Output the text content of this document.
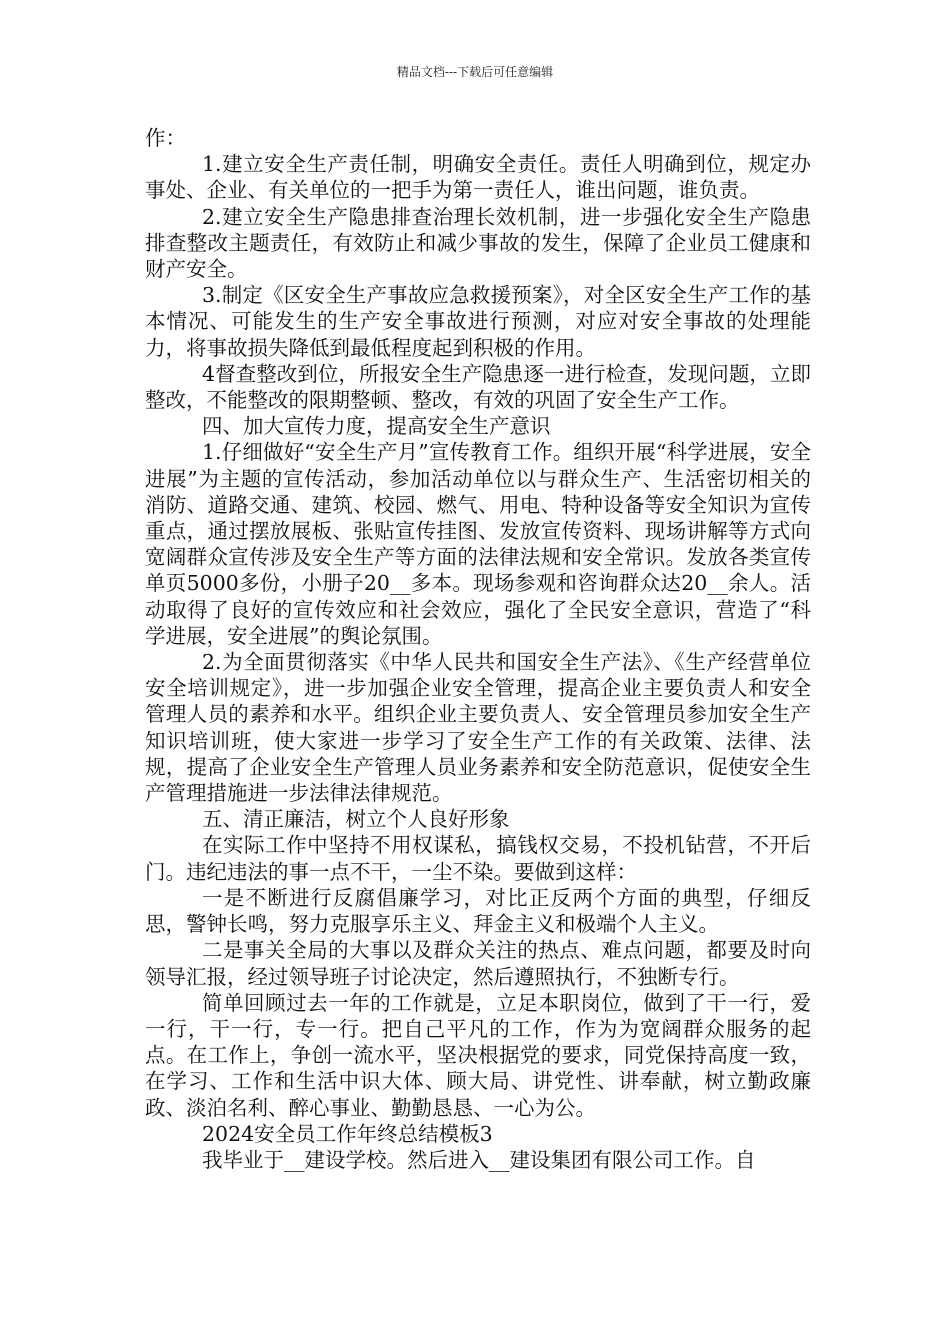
精品文档---下载后可任意编辑

作：

1.建立安全生产责任制，明确安全责任。责任人明确到位，规定办事处、企业、有关单位的一把手为第一责任人，谁出问题，谁负责。

2.建立安全生产隐患排查治理长效机制，进一步强化安全生产隐患排查整改主题责任，有效防止和减少事故的发生，保障了企业员工健康和财产安全。

3.制定《区安全生产事故应急救援预案》，对全区安全生产工作的基本情况、可能发生的生产安全事故进行预测，对应对安全事故的处理能力，将事故损失降低到最低程度起到积极的作用。

4督查整改到位，所报安全生产隐患逐一进行检查，发现问题，立即整改，不能整改的限期整顿、整改，有效的巩固了安全生产工作。

四、加大宣传力度，提高安全生产意识

1.仔细做好“安全生产月”宣传教育工作。组织开展“科学进展，安全进展”为主题的宣传活动，参加活动单位以与群众生产、生活密切相关的消防、道路交通、建筑、校园、燃气、用电、特种设备等安全知识为宣传重点，通过摆放展板、张贴宣传挂图、发放宣传资料、现场讲解等方式向宽阔群众宣传涉及安全生产等方面的法律法规和安全常识。发放各类宣传单页5000多份，小册子20__多本。现场参观和咨询群众达20__余人。活动取得了良好的宣传效应和社会效应，强化了全民安全意识，营造了“科学进展，安全进展”的舆论氛围。

2.为全面贯彻落实《中华人民共和国安全生产法》、《生产经营单位安全培训规定》，进一步加强企业安全管理，提高企业主要负责人和安全管理人员的素养和水平。组织企业主要负责人、安全管理员参加安全生产知识培训班，使大家进一步学习了安全生产工作的有关政策、法律、法规，提高了企业安全生产管理人员业务素养和安全防范意识，促使安全生产管理措施进一步法律法律规范。

五、清正廉洁，树立个人良好形象

在实际工作中坚持不用权谋私，搞钱权交易，不投机钻营，不开后门。违纪违法的事一点不干，一尘不染。要做到这样：

一是不断进行反腐倡廉学习，对比正反两个方面的典型，仔细反思，警钟长鸣，努力克服享乐主义、拜金主义和极端个人主义。

二是事关全局的大事以及群众关注的热点、难点问题，都要及时向领导汇报，经过领导班子讨论决定，然后遵照执行，不独断专行。

简单回顾过去一年的工作就是，立足本职岗位，做到了干一行，爱一行，干一行，专一行。把自己平凡的工作，作为为宽阔群众服务的起点。在工作上，争创一流水平，坚决根据党的要求，同党保持高度一致，在学习、工作和生活中识大体、顾大局、讲党性、讲奉献，树立勤政廉政、淡泊名利、醉心事业、勤勤恳恳、一心为公。

2024安全员工作年终总结模板3

我毕业于__建设学校。然后进入__建设集团有限公司工作。自
